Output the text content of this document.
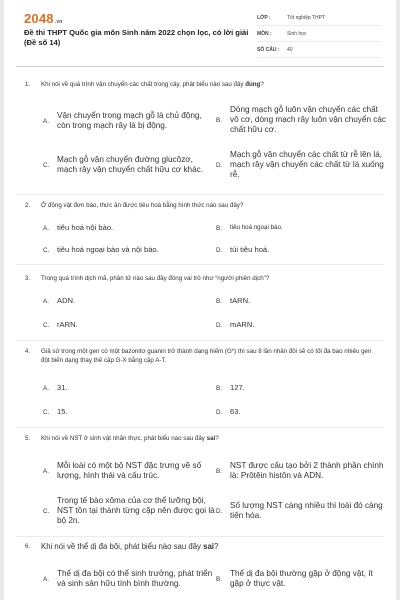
2048.vn
Đề thi THPT Quốc gia môn Sinh năm 2022 chọn lọc, có lời giải (Đề số 14)
LỚP :	Tốt nghiệp THPT
MÔN :	Sinh học
SỐ CÂU :	40
1. Khi nói về quá trình vận chuyển các chất trong cây, phát biểu nào sau đây đúng?
A.
Vận chuyển trong mạch gỗ là chủ động, còn trong mạch rây là bị động.
B.
Dòng mạch gỗ luôn vận chuyển các chất vô cơ, dòng mạch rây luôn vận chuyển các chất hữu cơ.
C.
Mạch gỗ vận chuyển đường glucôzơ, mạch rây vận chuyển chất hữu cơ khác.	D.
Mạch gỗ vận chuyển các chất từ rễ lên lá, mạch rây vận chuyển các chất từ lá xuống rễ.
2. Ở động vật đơn bào, thức ăn được tiêu hoá bằng hình thức nào sau đây?
A.	tiêu hoá nội bào.	B.	tiêu hoá ngoại bào.
C.	tiêu hoá ngoại bào và nội bào.	D.	túi tiêu hoá.
3. Trong quá trình dịch mã, phân tử nào sau đây đóng vai trò như “người phiên dịch”?
A.	ADN.	B.	tARN.
C.	rARN.	D.	mARN.
4. Giả sử trong một gen có một bazonitơ guanin trở thành dạng hiếm (G*) thì sau 8 lần nhân đôi sẽ có tối đa bao nhiêu gen đột biến dạng thay thế cặp G-X bằng cặp A-T.
A.	31.	B.	127.
C.	15.	D.	63.
5. Khi nói về NST ở sinh vật nhân thực, phát biểu nào sau đây sai?
A.
Mỗi loài có một bộ NST đặc trưng về số lượng, hình thái và cấu trúc.	B.
NST được cấu tạo bởi 2 thành phần chính là: Prôtêin histôn và ADN.
C.
Trong tế bào xôma của cơ thể lưỡng bội, NST tồn tại thành từng cặp nên được gọi là bộ 2n.
D.
Số lượng NST càng nhiều thì loài đó càng tiến hóa.
6. Khi nói về thể dị đa bội, phát biểu nào sau đây sai?
A.
Thể dị đa bội có thể sinh trưởng, phát triển và sinh sản hữu tính bình thường.	B.
Thể dị đa bội thường gặp ở động vật, ít gặp ở thực vật.
